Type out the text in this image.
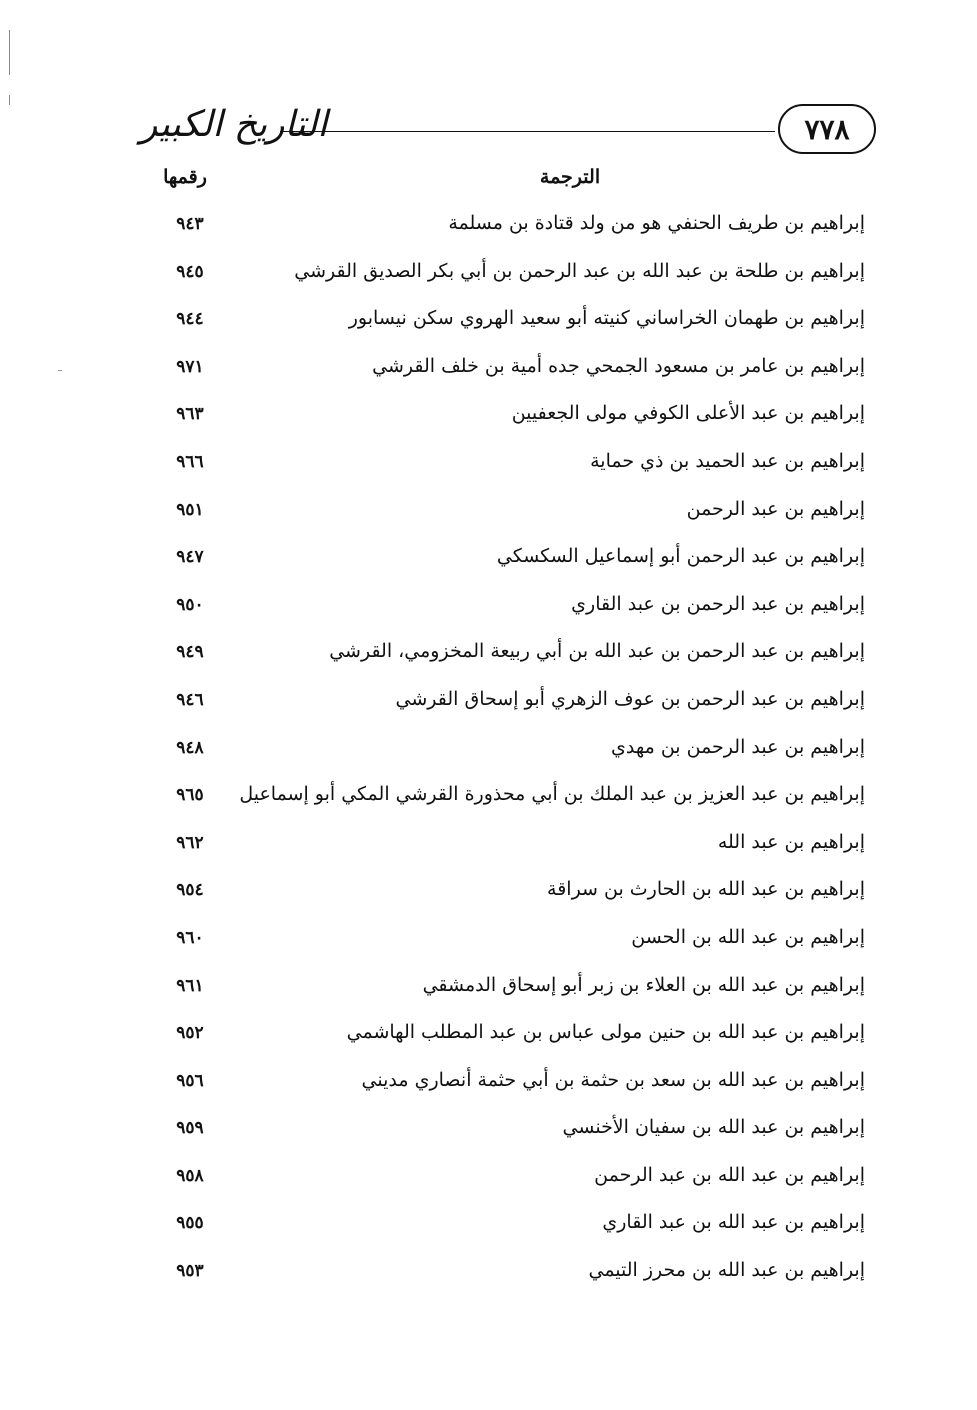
التاريخ الكبير	٧٧٨
الترجمة
رقمها
إبراهيم بن طريف الحنفي هو من ولد قتادة بن مسلمة
٩٤٣
إبراهيم بن طلحة بن عبد الله بن عبد الرحمن بن أبي بكر الصديق القرشي
٩٤٥
إبراهيم بن طهمان الخراساني كنيته أبو سعيد الهروي سكن نيسابور
٩٤٤
إبراهيم بن عامر بن مسعود الجمحي جده أمية بن خلف القرشي
٩٧١
إبراهيم بن عبد الأعلى الكوفي مولى الجعفيين
٩٦٣
إبراهيم بن عبد الحميد بن ذي حماية
٩٦٦
إبراهيم بن عبد الرحمن
٩٥١
إبراهيم بن عبد الرحمن أبو إسماعيل السكسكي
٩٤٧
إبراهيم بن عبد الرحمن بن عبد القاري
٩٥٠
إبراهيم بن عبد الرحمن بن عبد الله بن أبي ربيعة المخزومي، القرشي
٩٤٩
إبراهيم بن عبد الرحمن بن عوف الزهري أبو إسحاق القرشي
٩٤٦
إبراهيم بن عبد الرحمن بن مهدي
٩٤٨
إبراهيم بن عبد العزيز بن عبد الملك بن أبي محذورة القرشي المكي أبو إسماعيل
٩٦٥
إبراهيم بن عبد الله
٩٦٢
إبراهيم بن عبد الله بن الحارث بن سراقة
٩٥٤
إبراهيم بن عبد الله بن الحسن
٩٦٠
إبراهيم بن عبد الله بن العلاء بن زبر أبو إسحاق الدمشقي
٩٦١
إبراهيم بن عبد الله بن حنين مولى عباس بن عبد المطلب الهاشمي
٩٥٢
إبراهيم بن عبد الله بن سعد بن حثمة بن أبي حثمة أنصاري مديني
٩٥٦
إبراهيم بن عبد الله بن سفيان الأخنسي
٩٥٩
إبراهيم بن عبد الله بن عبد الرحمن
٩٥٨
إبراهيم بن عبد الله بن عبد القاري
٩٥٥
إبراهيم بن عبد الله بن محرز التيمي
٩٥٣
